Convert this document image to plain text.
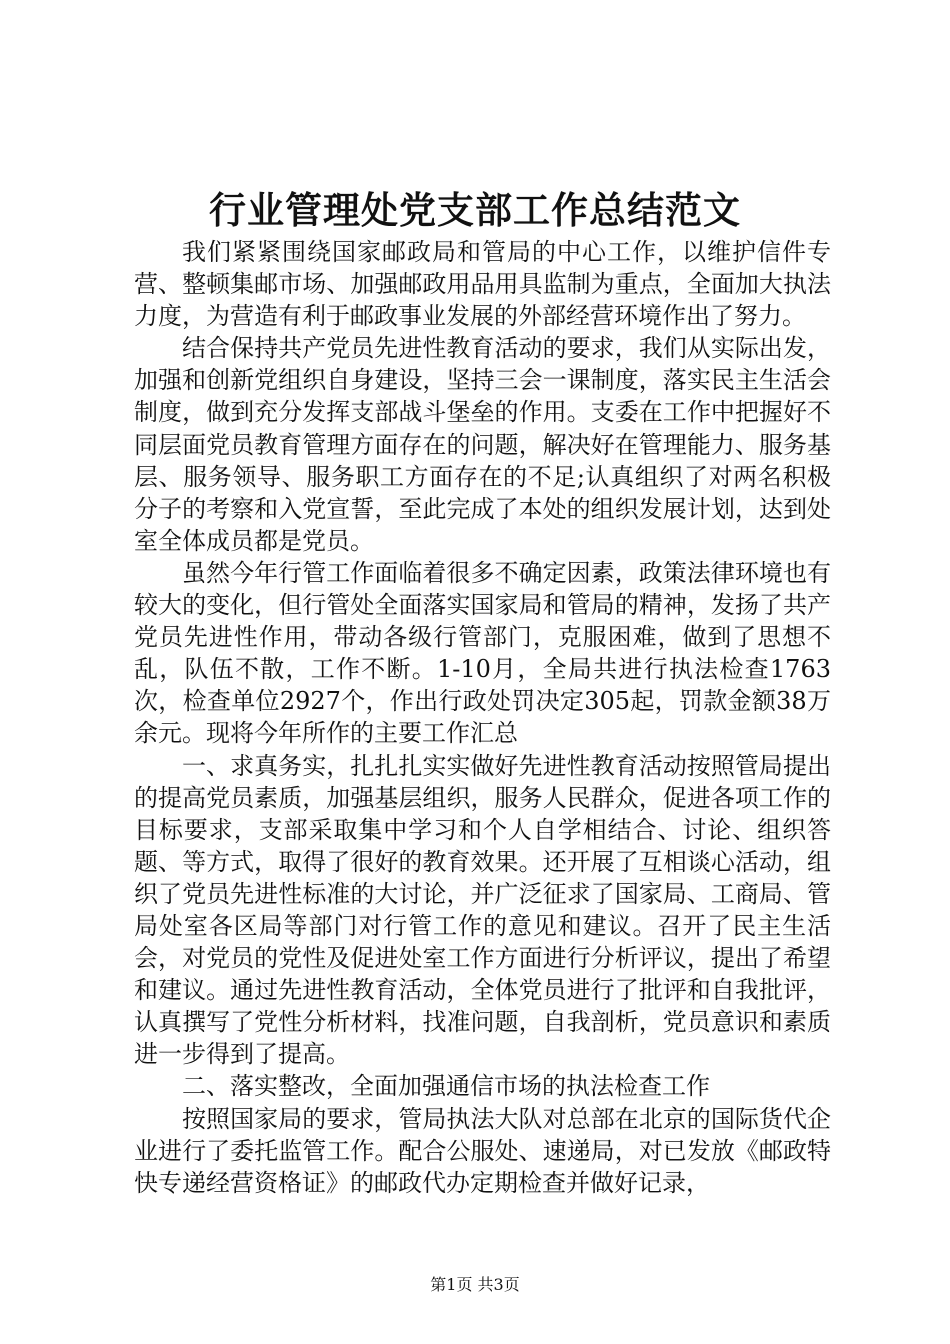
行业管理处党支部工作总结范文

我们紧紧围绕国家邮政局和管局的中心工作，以维护信件专营、整顿集邮市场、加强邮政用品用具监制为重点，全面加大执法力度，为营造有利于邮政事业发展的外部经营环境作出了努力。

结合保持共产党员先进性教育活动的要求，我们从实际出发，加强和创新党组织自身建设，坚持三会一课制度，落实民主生活会制度，做到充分发挥支部战斗堡垒的作用。支委在工作中把握好不同层面党员教育管理方面存在的问题，解决好在管理能力、服务基层、服务领导、服务职工方面存在的不足;认真组织了对两名积极分子的考察和入党宣誓，至此完成了本处的组织发展计划，达到处室全体成员都是党员。

虽然今年行管工作面临着很多不确定因素，政策法律环境也有较大的变化，但行管处全面落实国家局和管局的精神，发扬了共产党员先进性作用，带动各级行管部门，克服困难，做到了思想不乱，队伍不散，工作不断。1-10月，全局共进行执法检查1763次，检查单位2927个，作出行政处罚决定305起，罚款金额38万余元。现将今年所作的主要工作汇总

一、求真务实，扎扎扎实实做好先进性教育活动按照管局提出的提高党员素质，加强基层组织，服务人民群众，促进各项工作的目标要求，支部采取集中学习和个人自学相结合、讨论、组织答题、等方式，取得了很好的教育效果。还开展了互相谈心活动，组织了党员先进性标准的大讨论，并广泛征求了国家局、工商局、管局处室各区局等部门对行管工作的意见和建议。召开了民主生活会，对党员的党性及促进处室工作方面进行分析评议，提出了希望和建议。通过先进性教育活动，全体党员进行了批评和自我批评，认真撰写了党性分析材料，找准问题，自我剖析，党员意识和素质进一步得到了提高。

二、落实整改，全面加强通信市场的执法检查工作

按照国家局的要求，管局执法大队对总部在北京的国际货代企业进行了委托监管工作。配合公服处、速递局，对已发放《邮政特快专递经营资格证》的邮政代办定期检查并做好记录，

第1页 共3页
